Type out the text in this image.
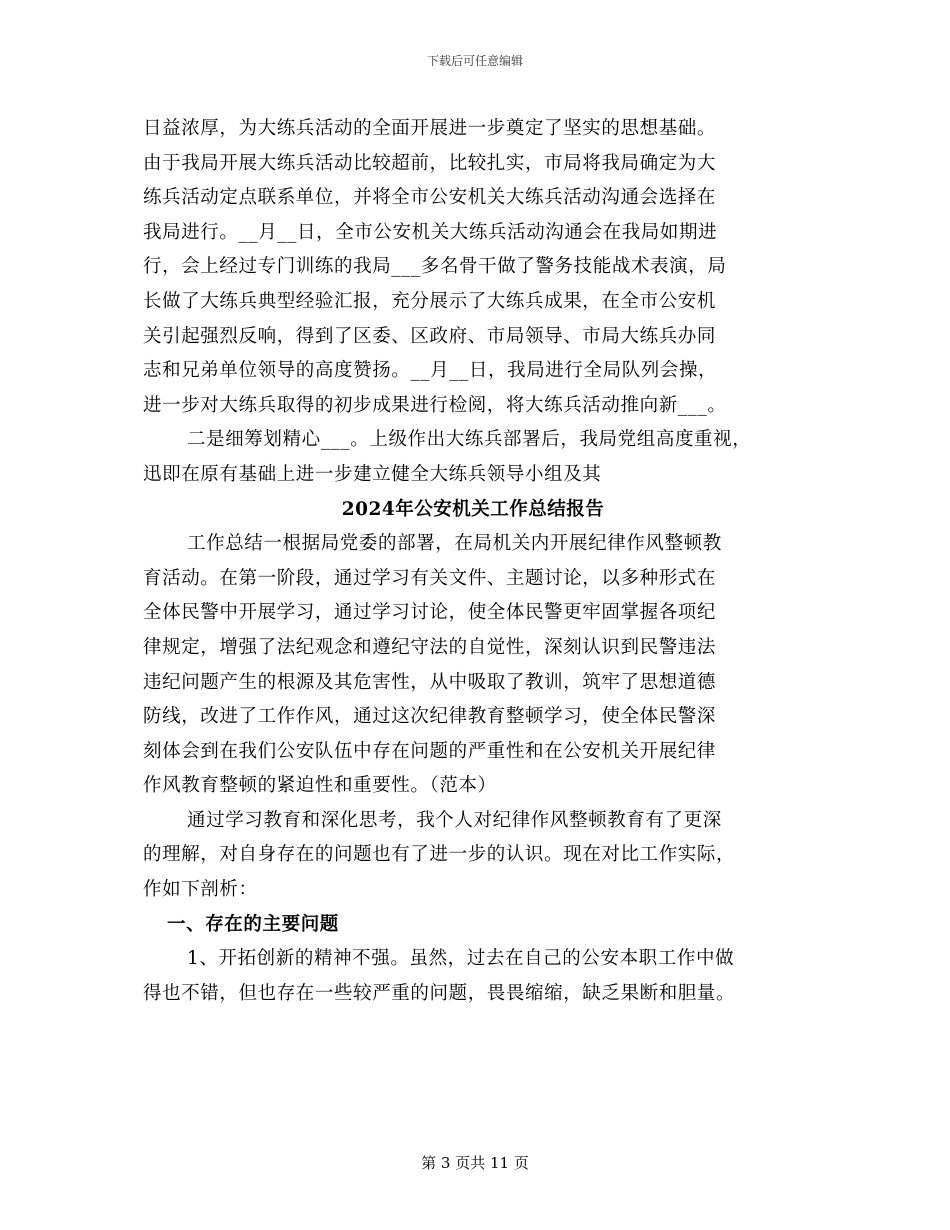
下载后可任意编辑
日益浓厚，为大练兵活动的全面开展进一步奠定了坚实的思想基础。
由于我局开展大练兵活动比较超前，比较扎实，市局将我局确定为大
练兵活动定点联系单位，并将全市公安机关大练兵活动沟通会选择在
我局进行。__月__日，全市公安机关大练兵活动沟通会在我局如期进
行，会上经过专门训练的我局___多名骨干做了警务技能战术表演，局
长做了大练兵典型经验汇报，充分展示了大练兵成果，在全市公安机
关引起强烈反响，得到了区委、区政府、市局领导、市局大练兵办同
志和兄弟单位领导的高度赞扬。__月__日，我局进行全局队列会操，
进一步对大练兵取得的初步成果进行检阅，将大练兵活动推向新___。
二是细筹划精心___。上级作出大练兵部署后，我局党组高度重视，
迅即在原有基础上进一步建立健全大练兵领导小组及其
2024年公安机关工作总结报告
工作总结一根据局党委的部署，在局机关内开展纪律作风整顿教
育活动。在第一阶段，通过学习有关文件、主题讨论，以多种形式在
全体民警中开展学习，通过学习讨论，使全体民警更牢固掌握各项纪
律规定，增强了法纪观念和遵纪守法的自觉性，深刻认识到民警违法
违纪问题产生的根源及其危害性，从中吸取了教训，筑牢了思想道德
防线，改进了工作作风，通过这次纪律教育整顿学习，使全体民警深
刻体会到在我们公安队伍中存在问题的严重性和在公安机关开展纪律
作风教育整顿的紧迫性和重要性。（范本）
通过学习教育和深化思考，我个人对纪律作风整顿教育有了更深
的理解，对自身存在的问题也有了进一步的认识。现在对比工作实际，
作如下剖析：
一、存在的主要问题
1、开拓创新的精神不强。虽然，过去在自己的公安本职工作中做
得也不错，但也存在一些较严重的问题，畏畏缩缩，缺乏果断和胆量。
第 3 页共 11 页
